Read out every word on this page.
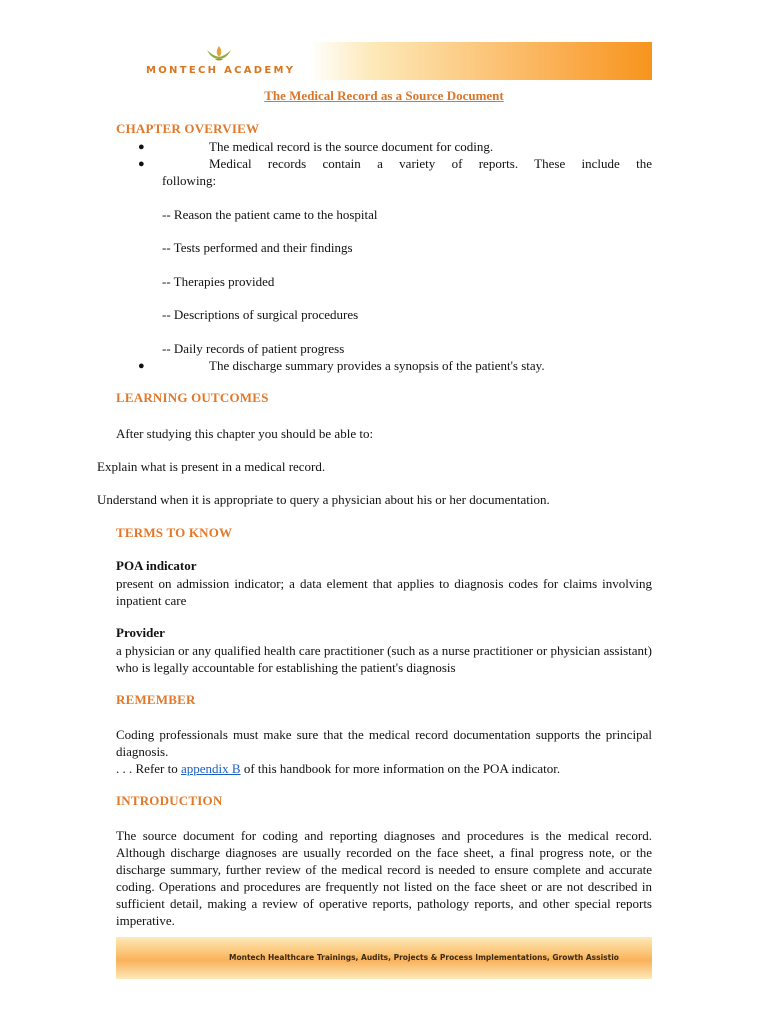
MONTECH ACADEMY
The Medical Record as a Source Document
CHAPTER OVERVIEW
●	The medical record is the source document for coding.
●	Medical records contain a variety of reports. These include the
following:
-- Reason the patient came to the hospital
-- Tests performed and their findings
-- Therapies provided
-- Descriptions of surgical procedures
-- Daily records of patient progress
●	The discharge summary provides a synopsis of the patient's stay.
LEARNING OUTCOMES
After studying this chapter you should be able to:
Explain what is present in a medical record.
Understand when it is appropriate to query a physician about his or her documentation.
TERMS TO KNOW
POA indicator
present on admission indicator; a data element that applies to diagnosis codes for claims involving inpatient care
Provider
a physician or any qualified health care practitioner (such as a nurse practitioner or physician assistant) who is legally accountable for establishing the patient's diagnosis
REMEMBER
Coding professionals must make sure that the medical record documentation supports the principal diagnosis.
. . . Refer to appendix B of this handbook for more information on the POA indicator.
INTRODUCTION
The source document for coding and reporting diagnoses and procedures is the medical record. Although discharge diagnoses are usually recorded on the face sheet, a final progress note, or the discharge summary, further review of the medical record is needed to ensure complete and accurate coding. Operations and procedures are frequently not listed on the face sheet or are not described in sufficient detail, making a review of operative reports, pathology reports, and other special reports imperative.
Montech Healthcare Trainings, Audits, Projects & Process Implementations, Growth Assistio
